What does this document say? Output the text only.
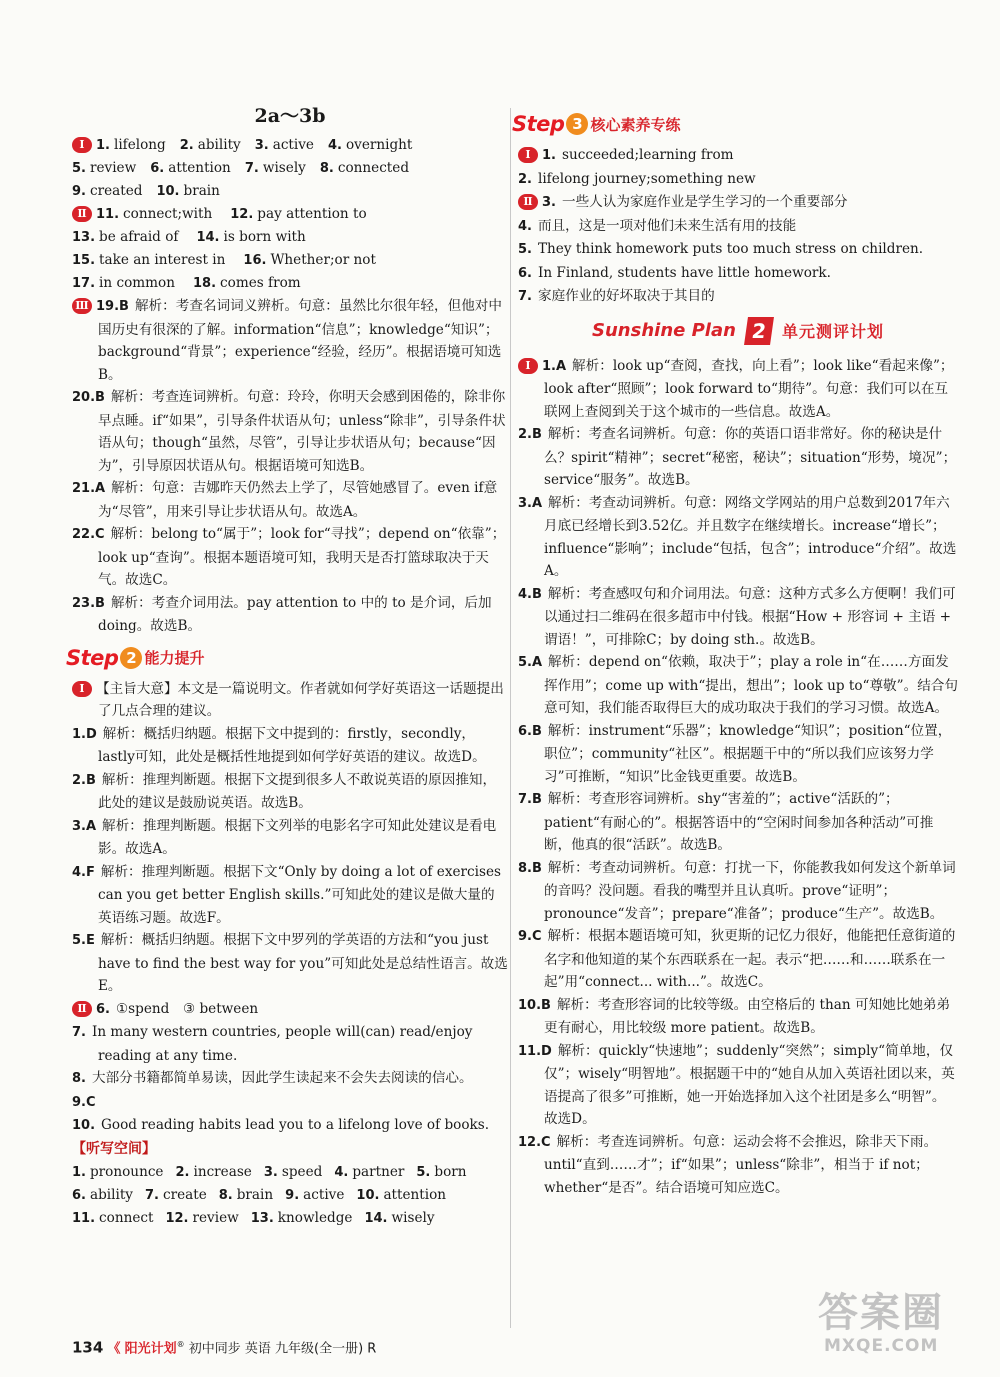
2a～3b
Ⅰ 1. lifelong 2. ability 3. active 4. overnight
5. review 6. attention 7. wisely 8. connected
9. created 10. brain
Ⅱ 11. connect;with 12. pay attention to
13. be afraid of 14. is born with
15. take an interest in 16. Whether;or not
17. in common 18. comes from
Ⅲ 19.B 解析：考查名词词义辨析。句意：虽然比尔很年轻，但他对中国历史有很深的了解。information“信息”；knowledge“知识”；background“背景”；experience“经验，经历”。根据语境可知选B。
20.B 解析：考查连词辨析。句意：玲玲，你明天会感到困倦的，除非你早点睡。if“如果”，引导条件状语从句；unless“除非”，引导条件状语从句；though“虽然，尽管”，引导让步状语从句；because“因为”，引导原因状语从句。根据语境可知选B。
21.A 解析：句意：吉娜昨天仍然去上学了，尽管她感冒了。even if意为“尽管”，用来引导让步状语从句。故选A。
22.C 解析：belong to“属于”；look for“寻找”；depend on“依靠”；look up“查询”。根据本题语境可知，我明天是否打篮球取决于天气。故选C。
23.B 解析：考查介词用法。pay attention to 中的 to 是介词，后加doing。故选B。
Step 2 能力提升
Ⅰ 【主旨大意】本文是一篇说明文。作者就如何学好英语这一话题提出了几点合理的建议。
1.D 解析：概括归纳题。根据下文中提到的：firstly，secondly，lastly可知，此处是概括性地提到如何学好英语的建议。故选D。
2.B 解析：推理判断题。根据下文提到很多人不敢说英语的原因推知，此处的建议是鼓励说英语。故选B。
3.A 解析：推理判断题。根据下文列举的电影名字可知此处建议是看电影。故选A。
4.F 解析：推理判断题。根据下文“Only by doing a lot of exercises can you get better English skills.”可知此处的建议是做大量的英语练习题。故选F。
5.E 解析：概括归纳题。根据下文中罗列的学英语的方法和“you just have to find the best way for you”可知此处是总结性语言。故选E。
Ⅱ 6. ①spend　③ between
7. In many western countries, people will(can) read/enjoy reading at any time.
8. 大部分书籍都简单易读，因此学生读起来不会失去阅读的信心。
9.C
10. Good reading habits lead you to a lifelong love of books.
【听写空间】
1. pronounce 2. increase 3. speed 4. partner 5. born
6. ability 7. create 8. brain 9. active 10. attention
11. connect 12. review 13. knowledge 14. wisely
Step 3 核心素养专练
Ⅰ 1. succeeded;learning from
2. lifelong journey;something new
Ⅱ 3. 一些人认为家庭作业是学生学习的一个重要部分
4. 而且，这是一项对他们未来生活有用的技能
5. They think homework puts too much stress on children.
6. In Finland, students have little homework.
7. 家庭作业的好坏取决于其目的
Sunshine Plan 2 单元测评计划
Ⅰ 1.A 解析：look up“查阅，查找，向上看”；look like“看起来像”；look after“照顾”；look forward to“期待”。句意：我们可以在互联网上查阅到关于这个城市的一些信息。故选A。
2.B 解析：考查名词辨析。句意：你的英语口语非常好。你的秘诀是什么？spirit“精神”；secret“秘密，秘诀”；situation“形势，境况”；service“服务”。故选B。
3.A 解析：考查动词辨析。句意：网络文学网站的用户总数到2017年六月底已经增长到3.52亿。并且数字在继续增长。increase“增长”；influence“影响”；include“包括，包含”；introduce“介绍”。故选A。
4.B 解析：考查感叹句和介词用法。句意：这种方式多么方便啊！我们可以通过扫二维码在很多超市中付钱。根据“How + 形容词 + 主语 + 谓语！”，可排除C；by doing sth.。故选B。
5.A 解析：depend on“依赖，取决于”；play a role in“在……方面发挥作用”；come up with“提出，想出”；look up to“尊敬”。结合句意可知，我们能否取得巨大的成功取决于我们的学习习惯。故选A。
6.B 解析：instrument“乐器”；knowledge“知识”；position“位置，职位”；community“社区”。根据题干中的“所以我们应该努力学习”可推断，“知识”比金钱更重要。故选B。
7.B 解析：考查形容词辨析。shy“害羞的”；active“活跃的”；patient“有耐心的”。根据答语中的“空闲时间参加各种活动”可推断，他真的很“活跃”。故选B。
8.B 解析：考查动词辨析。句意：打扰一下，你能教我如何发这个新单词的音吗？没问题。看我的嘴型并且认真听。prove“证明”；pronounce“发音”；prepare“准备”；produce“生产”。故选B。
9.C 解析：根据本题语境可知，狄更斯的记忆力很好，他能把任意街道的名字和他知道的某个东西联系在一起。表示“把……和……联系在一起”用“connect... with...”。故选C。
10.B 解析：考查形容词的比较等级。由空格后的 than 可知她比她弟弟更有耐心，用比较级 more patient。故选B。
11.D 解析：quickly“快速地”；suddenly“突然”；simply“简单地，仅仅”；wisely“明智地”。根据题干中的“她自从加入英语社团以来，英语提高了很多”可推断，她一开始选择加入这个社团是多么“明智”。故选D。
12.C 解析：考查连词辨析。句意：运动会将不会推迟，除非天下雨。until“直到……才”；if“如果”；unless“除非”，相当于 if not；whether“是否”。结合语境可知应选C。
134 《 阳光计划® 初中同步 英语 九年级(全一册) R
答案圈
MXQE.COM
